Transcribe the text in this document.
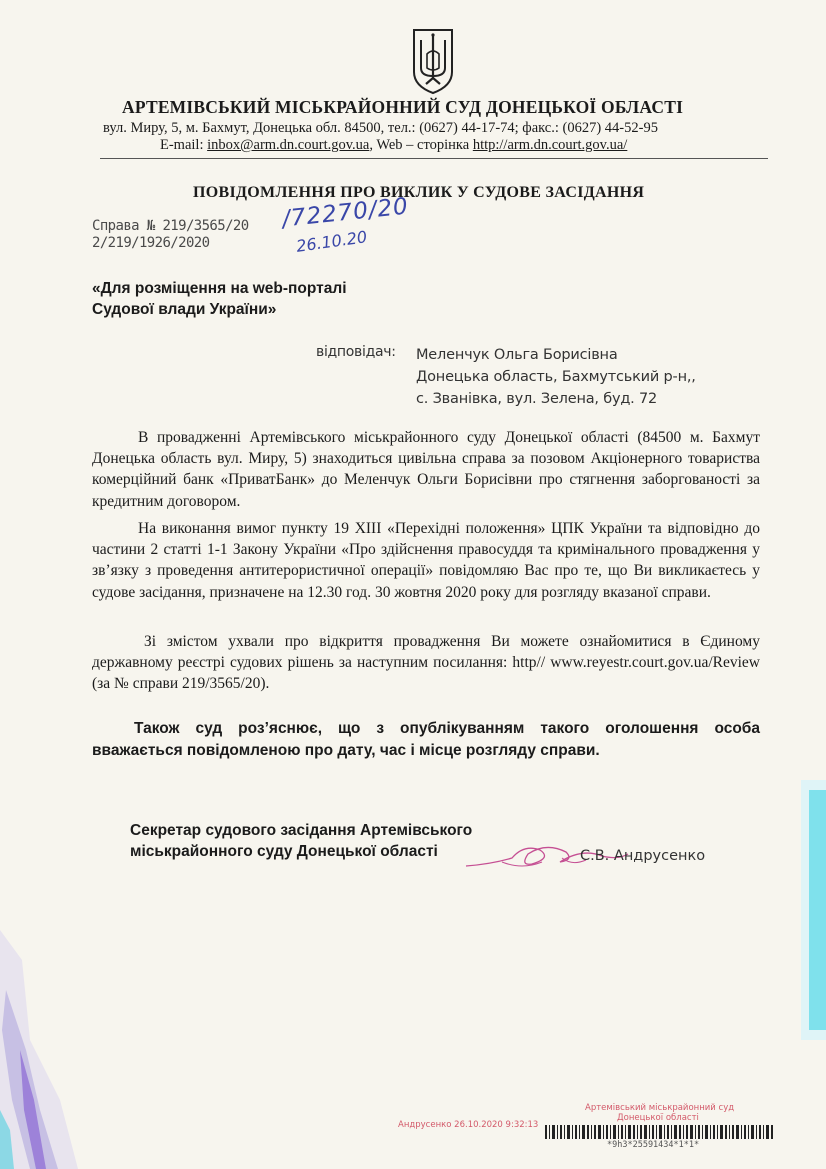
АРТЕМІВСЬКИЙ МІСЬКРАЙОННИЙ СУД ДОНЕЦЬКОЇ ОБЛАСТІ
вул. Миру, 5, м. Бахмут, Донецька обл. 84500, тел.: (0627) 44-17-74; факс.: (0627) 44-52-95
E-mail: inbox@arm.dn.court.gov.ua, Web – сторінка http://arm.dn.court.gov.ua/
ПОВІДОМЛЕННЯ ПРО ВИКЛИК У СУДОВЕ ЗАСІДАННЯ
Справа № 219/3565/20
2/219/1926/2020
/72270/20
26.10.20
«Для розміщення на web-порталі
Судової влади України»
відповідач: Меленчук Ольга Борисівна
Донецька область, Бахмутський р-н,,
с. Званівка, вул. Зелена, буд. 72
В провадженні Артемівського міськрайонного суду Донецької області (84500 м. Бахмут Донецька область вул. Миру, 5) знаходиться цивільна справа за позовом Акціонерного товариства комерційний банк «ПриватБанк» до Меленчук Ольги Борисівни про стягнення заборгованості за кредитним договором.
На виконання вимог пункту 19 ХІІІ «Перехідні положення» ЦПК України та відповідно до частини 2 статті 1-1 Закону України «Про здійснення правосуддя та кримінального провадження у зв’язку з проведення антитерористичної операції» повідомляю Вас про те, що Ви викликаєтесь у судове засідання, призначене на 12.30 год. 30 жовтня 2020 року для розгляду вказаної справи.
Зі змістом ухвали про відкриття провадження Ви можете ознайомитися в Єдиному державному реєстрі судових рішень за наступним посилання: http// www.reyestr.court.gov.ua/Review (за № справи 219/3565/20).
Також суд роз’яснює, що з опублікуванням такого оголошення особа вважається повідомленою про дату, час і місце розгляду справи.
Секретар судового засідання Артемівського
міськрайонного суду Донецької області	С.В. Андрусенко
Артемівський міськрайонний суд
Донецької області
Андрусенко 26.10.2020 9:32:13
*9h3*25591434*1*1*
